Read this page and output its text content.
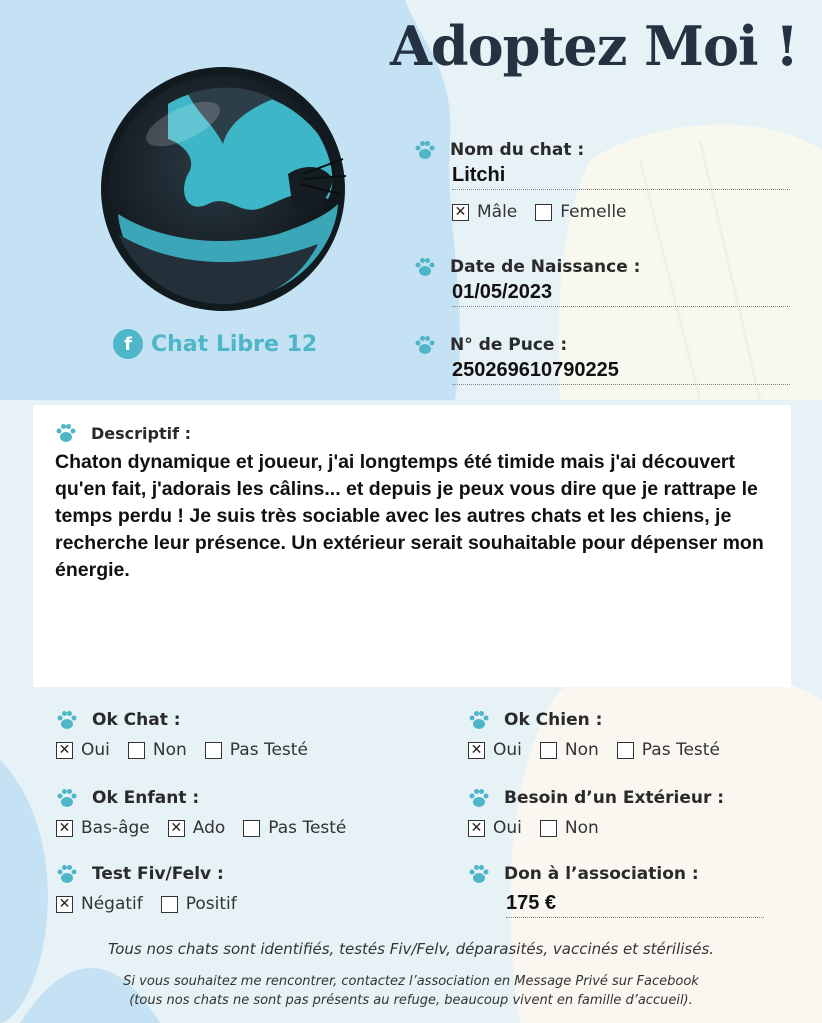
Adoptez Moi !
f Chat Libre 12
Nom du chat :
Litchi
✕ Mâle	Femelle
Date de Naissance :
01/05/2023
N° de Puce :
250269610790225
Descriptif :
Chaton dynamique et joueur, j'ai longtemps été timide mais j'ai découvert qu'en fait, j'adorais les câlins... et depuis je peux vous dire que je rattrape le temps perdu ! Je suis très sociable avec les autres chats et les chiens, je recherche leur présence. Un extérieur serait souhaitable pour dépenser mon énergie.
Ok Chat :
✕ Oui	Non	Pas Testé
Ok Chien :
✕ Oui	Non	Pas Testé
Ok Enfant :
✕ Bas-âge ✕ Ado	Pas Testé
Besoin d’un Extérieur :
✕ Oui	Non
Test Fiv/Felv :
✕ Négatif	Positif
Don à l’association :
175 €
Tous nos chats sont identifiés, testés Fiv/Felv, déparasités, vaccinés et stérilisés.
Si vous souhaitez me rencontrer, contactez l’association en Message Privé sur Facebook
(tous nos chats ne sont pas présents au refuge, beaucoup vivent en famille d’accueil).
